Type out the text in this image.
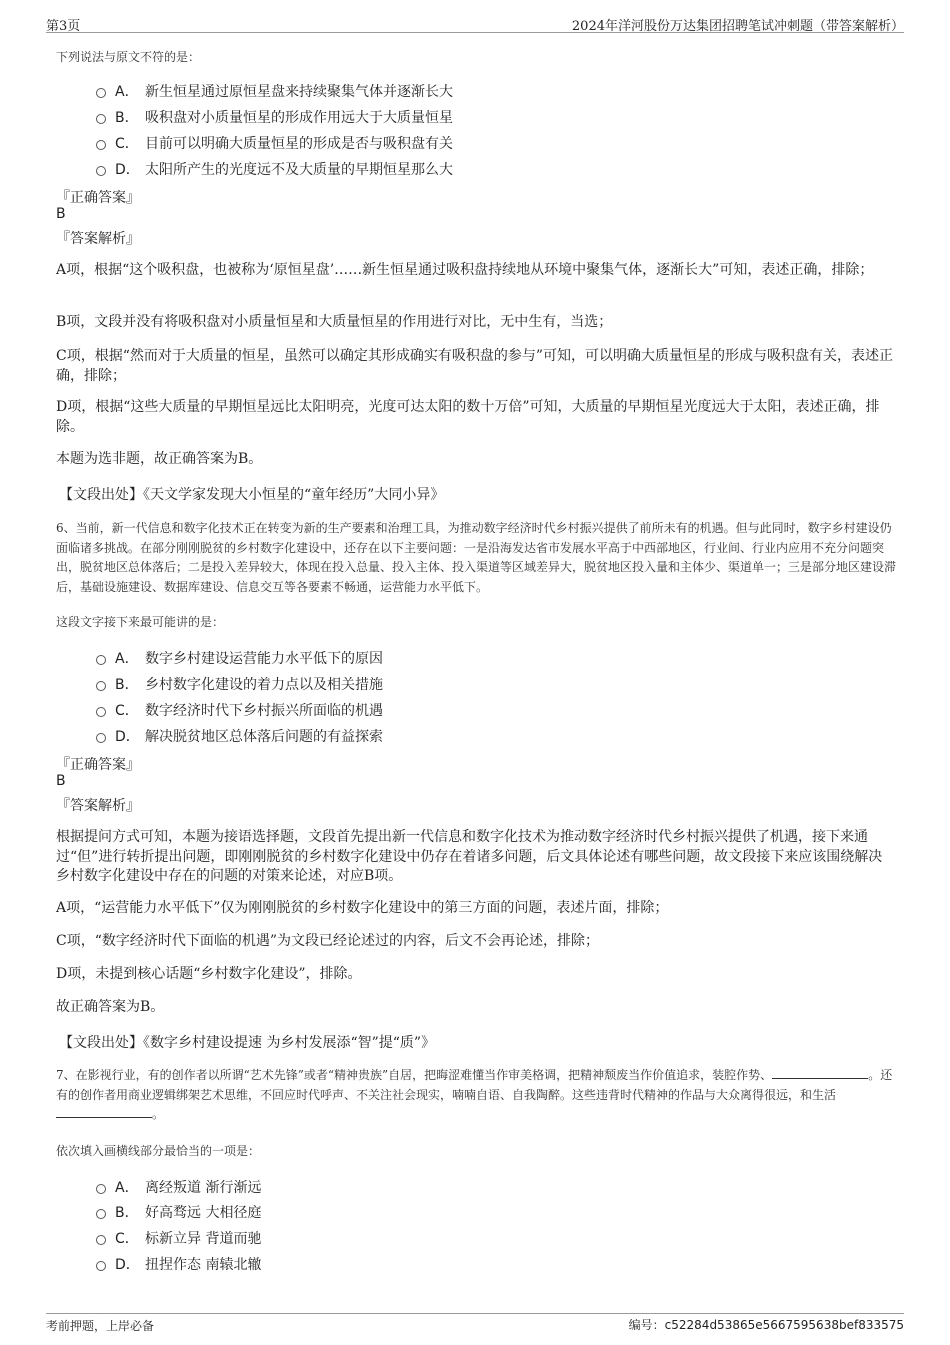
第3页	2024年洋河股份万达集团招聘笔试冲刺题（带答案解析）
下列说法与原文不符的是：
A． 新生恒星通过原恒星盘来持续聚集气体并逐渐长大
B． 吸积盘对小质量恒星的形成作用远大于大质量恒星
C． 目前可以明确大质量恒星的形成是否与吸积盘有关
D． 太阳所产生的光度远不及大质量的早期恒星那么大
『正确答案』
B
『答案解析』
A项，根据“这个吸积盘，也被称为‘原恒星盘’……新生恒星通过吸积盘持续地从环境中聚集气体，逐渐长大”可知，表述正确，排除；
B项，文段并没有将吸积盘对小质量恒星和大质量恒星的作用进行对比，无中生有，当选；
C项，根据“然而对于大质量的恒星，虽然可以确定其形成确实有吸积盘的参与”可知，可以明确大质量恒星的形成与吸积盘有关，表述正确，排除；
D项，根据“这些大质量的早期恒星远比太阳明亮，光度可达太阳的数十万倍”可知，大质量的早期恒星光度远大于太阳，表述正确，排除。
本题为选非题，故正确答案为B。
【文段出处】《天文学家发现大小恒星的“童年经历”大同小异》
6、当前，新一代信息和数字化技术正在转变为新的生产要素和治理工具，为推动数字经济时代乡村振兴提供了前所未有的机遇。但与此同时，数字乡村建设仍面临诸多挑战。在部分刚刚脱贫的乡村数字化建设中，还存在以下主要问题：一是沿海发达省市发展水平高于中西部地区，行业间、行业内应用不充分问题突出，脱贫地区总体落后；二是投入差异较大，体现在投入总量、投入主体、投入渠道等区域差异大，脱贫地区投入量和主体少、渠道单一；三是部分地区建设滞后，基础设施建设、数据库建设、信息交互等各要素不畅通，运营能力水平低下。
这段文字接下来最可能讲的是：
A． 数字乡村建设运营能力水平低下的原因
B． 乡村数字化建设的着力点以及相关措施
C． 数字经济时代下乡村振兴所面临的机遇
D． 解决脱贫地区总体落后问题的有益探索
『正确答案』
B
『答案解析』
根据提问方式可知，本题为接语选择题，文段首先提出新一代信息和数字化技术为推动数字经济时代乡村振兴提供了机遇，接下来通过“但”进行转折提出问题，即刚刚脱贫的乡村数字化建设中仍存在着诸多问题，后文具体论述有哪些问题，故文段接下来应该围绕解决乡村数字化建设中存在的问题的对策来论述，对应B项。
A项，“运营能力水平低下”仅为刚刚脱贫的乡村数字化建设中的第三方面的问题，表述片面，排除；
C项，“数字经济时代下面临的机遇”为文段已经论述过的内容，后文不会再论述，排除；
D项，未提到核心话题“乡村数字化建设”，排除。
故正确答案为B。
【文段出处】《数字乡村建设提速 为乡村发展添“智”提“质”》
7、在影视行业，有的创作者以所谓“艺术先锋”或者“精神贵族”自居，把晦涩难懂当作审美格调，把精神颓废当作价值追求，装腔作势、	。还有的创作者用商业逻辑绑架艺术思维，不回应时代呼声、不关注社会现实，喃喃自语、自我陶醉。这些违背时代精神的作品与大众离得很远，和生活。
依次填入画横线部分最恰当的一项是：
A． 离经叛道 渐行渐远
B． 好高骛远 大相径庭
C． 标新立异 背道而驰
D． 扭捏作态 南辕北辙
考前押题，上岸必备	编号：c52284d53865e5667595638bef833575
